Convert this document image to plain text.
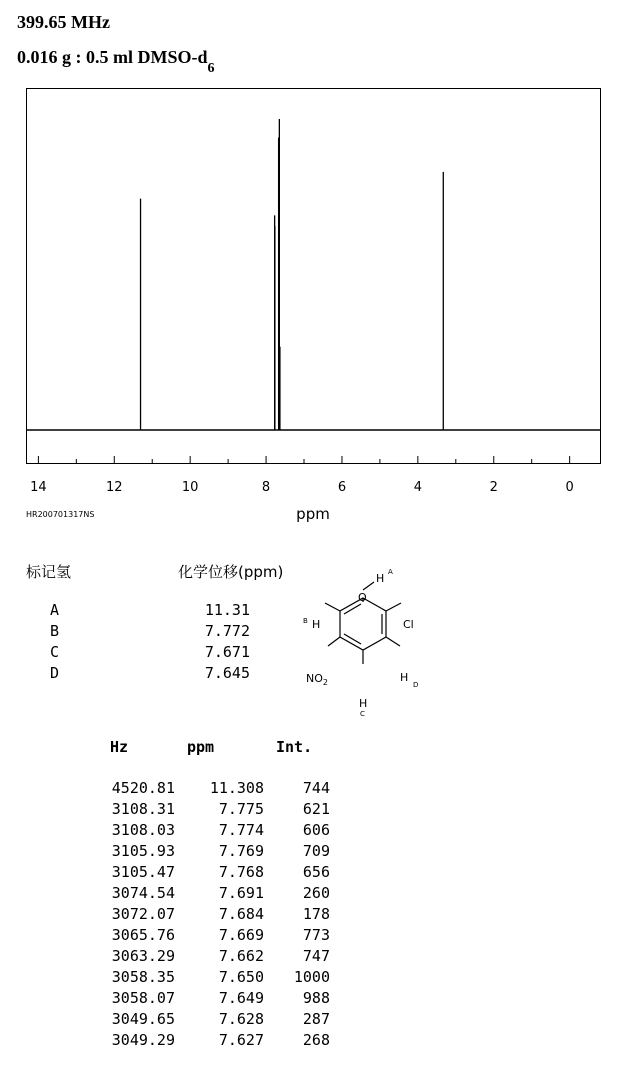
399.65 MHz
0.016 g : 0.5 ml DMSO-$d_6$
14	12	10	8	6	4	2	0
ppm
HR200701317NS
标记氢	化学位移(ppm)
A	11.31
B	7.772
C	7.671
D	7.645
O
H A
Cl
H
B
H
D
H
C
$NO_2$
Hz	ppm	Int.
4520.81 11.308	744
3108.31	7.775	621
3108.03	7.774	606
3105.93	7.769	709
3105.47	7.768	656
3074.54	7.691	260
3072.07	7.684	178
3065.76	7.669	773
3063.29	7.662	747
3058.35	7.650 1000
3058.07	7.649	988
3049.65	7.628	287
3049.29	7.627	268
